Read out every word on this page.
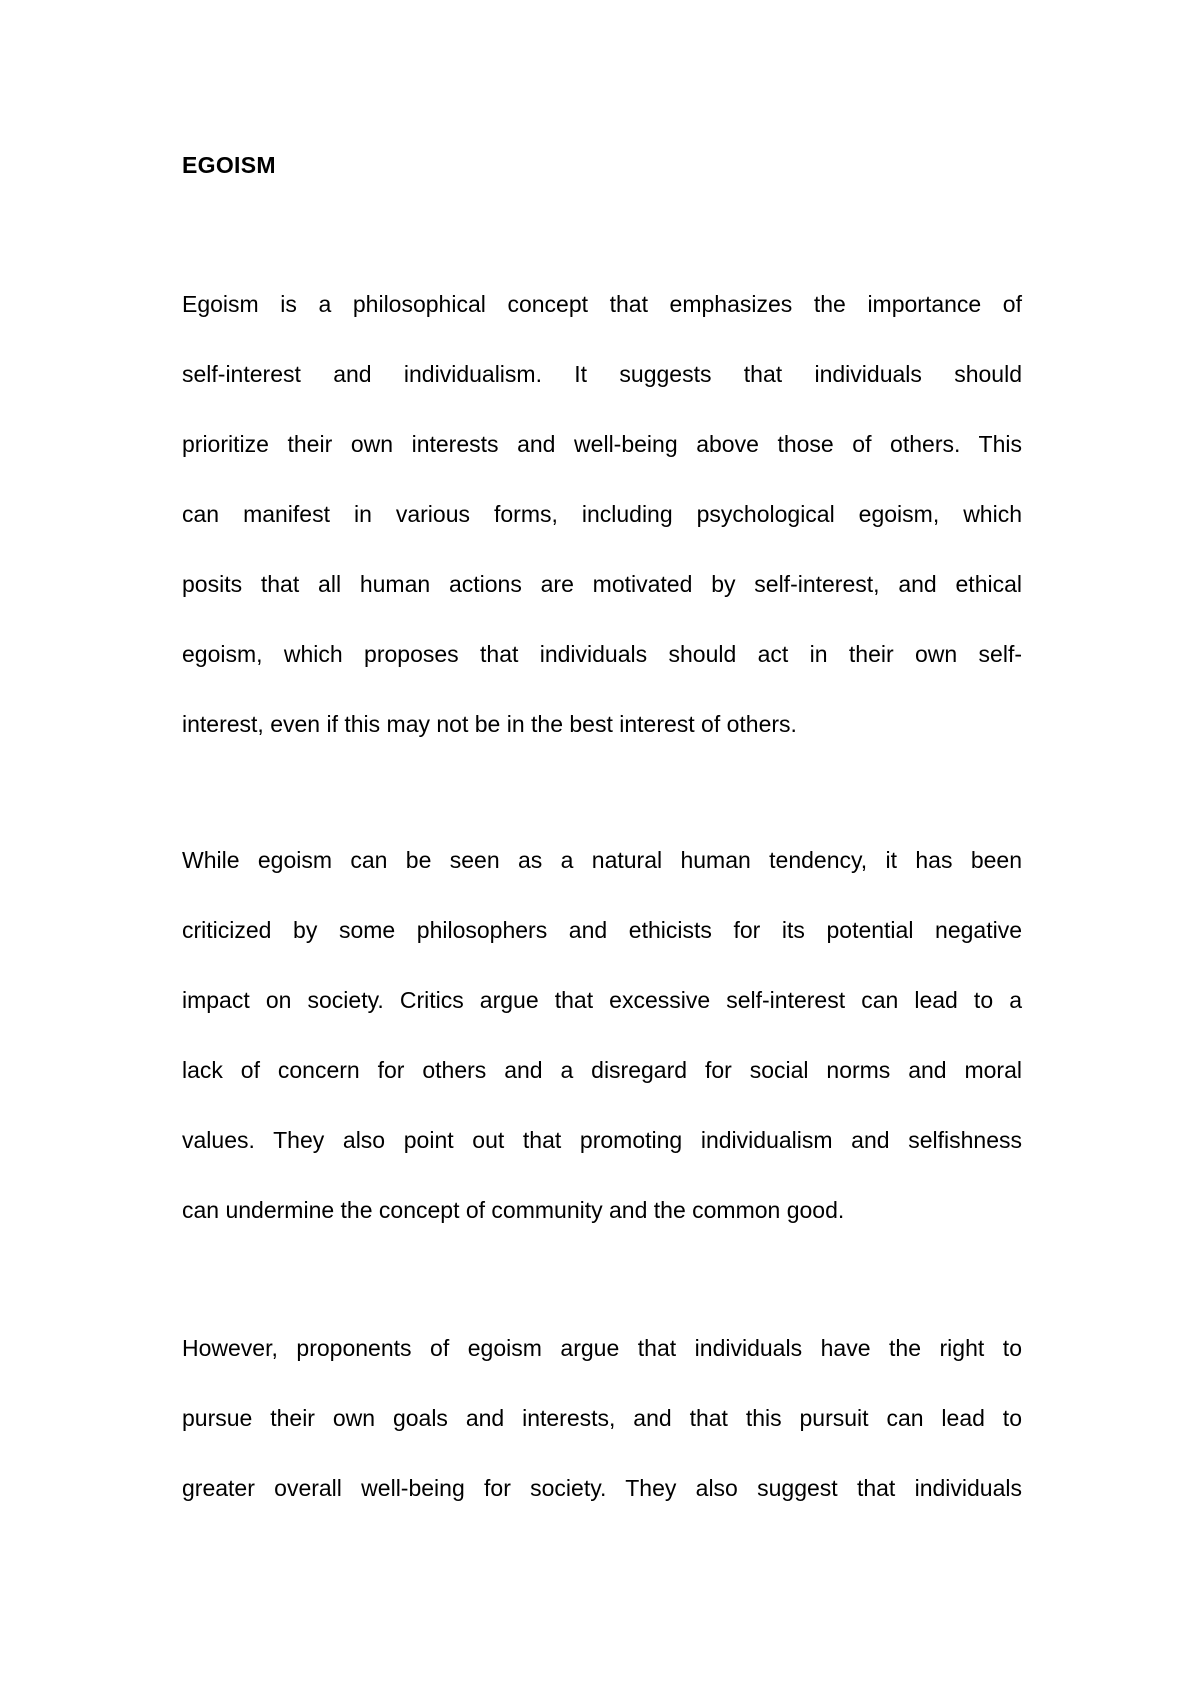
EGOISM
Egoism is a philosophical concept that emphasizes the importance of
self-interest and individualism. It suggests that individuals should
prioritize their own interests and well-being above those of others. This
can manifest in various forms, including psychological egoism, which
posits that all human actions are motivated by self-interest, and ethical
egoism, which proposes that individuals should act in their own self-
interest, even if this may not be in the best interest of others.
While egoism can be seen as a natural human tendency, it has been
criticized by some philosophers and ethicists for its potential negative
impact on society. Critics argue that excessive self-interest can lead to a
lack of concern for others and a disregard for social norms and moral
values. They also point out that promoting individualism and selfishness
can undermine the concept of community and the common good.
However, proponents of egoism argue that individuals have the right to
pursue their own goals and interests, and that this pursuit can lead to
greater overall well-being for society. They also suggest that individuals
